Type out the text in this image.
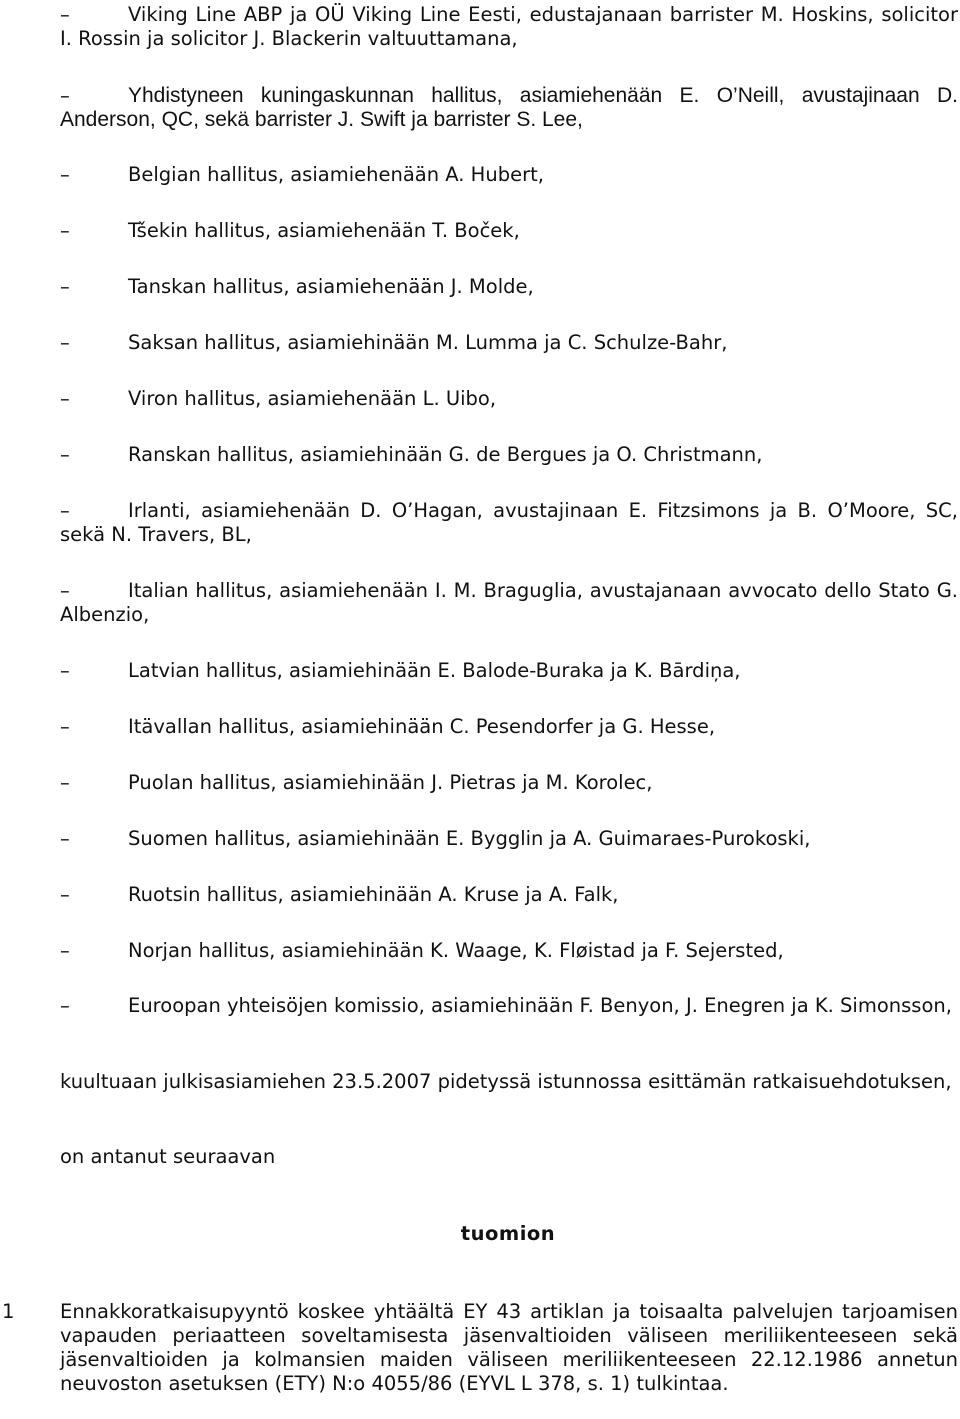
–	Viking Line ABP ja OÜ Viking Line Eesti, edustajanaan barrister M. Hoskins, solicitor I. Rossin ja solicitor J. Blackerin valtuuttamana,
–	Yhdistyneen kuningaskunnan hallitus, asiamiehenään E. O’Neill, avustajinaan D. Anderson, QC, sekä barrister J. Swift ja barrister S. Lee,
–	Belgian hallitus, asiamiehenään A. Hubert,
–	Tšekin hallitus, asiamiehenään T. Boček,
–	Tanskan hallitus, asiamiehenään J. Molde,
–	Saksan hallitus, asiamiehinään M. Lumma ja C. Schulze-Bahr,
–	Viron hallitus, asiamiehenään L. Uibo,
–	Ranskan hallitus, asiamiehinään G. de Bergues ja O. Christmann,
–	Irlanti, asiamiehenään D. O’Hagan, avustajinaan E. Fitzsimons ja B. O’Moore, SC, sekä N. Travers, BL,
–	Italian hallitus, asiamiehenään I. M. Braguglia, avustajanaan avvocato dello Stato G. Albenzio,
–	Latvian hallitus, asiamiehinään E. Balode-Buraka ja K. Bārdiņa,
–	Itävallan hallitus, asiamiehinään C. Pesendorfer ja G. Hesse,
–	Puolan hallitus, asiamiehinään J. Pietras ja M. Korolec,
–	Suomen hallitus, asiamiehinään E. Bygglin ja A. Guimaraes-Purokoski,
–	Ruotsin hallitus, asiamiehinään A. Kruse ja A. Falk,
–	Norjan hallitus, asiamiehinään K. Waage, K. Fløistad ja F. Sejersted,
–	Euroopan yhteisöjen komissio, asiamiehinään F. Benyon, J. Enegren ja K. Simonsson,
kuultuaan julkisasiamiehen 23.5.2007 pidetyssä istunnossa esittämän ratkaisuehdotuksen,
on antanut seuraavan
tuomion
1 Ennakkoratkaisupyyntö koskee yhtäältä EY 43 artiklan ja toisaalta palvelujen tarjoamisen vapauden periaatteen soveltamisesta jäsenvaltioiden väliseen meriliikenteeseen sekä jäsenvaltioiden ja kolmansien maiden väliseen meriliikenteeseen 22.12.1986 annetun neuvoston asetuksen (ETY) N:o 4055/86 (EYVL L 378, s. 1) tulkintaa.
